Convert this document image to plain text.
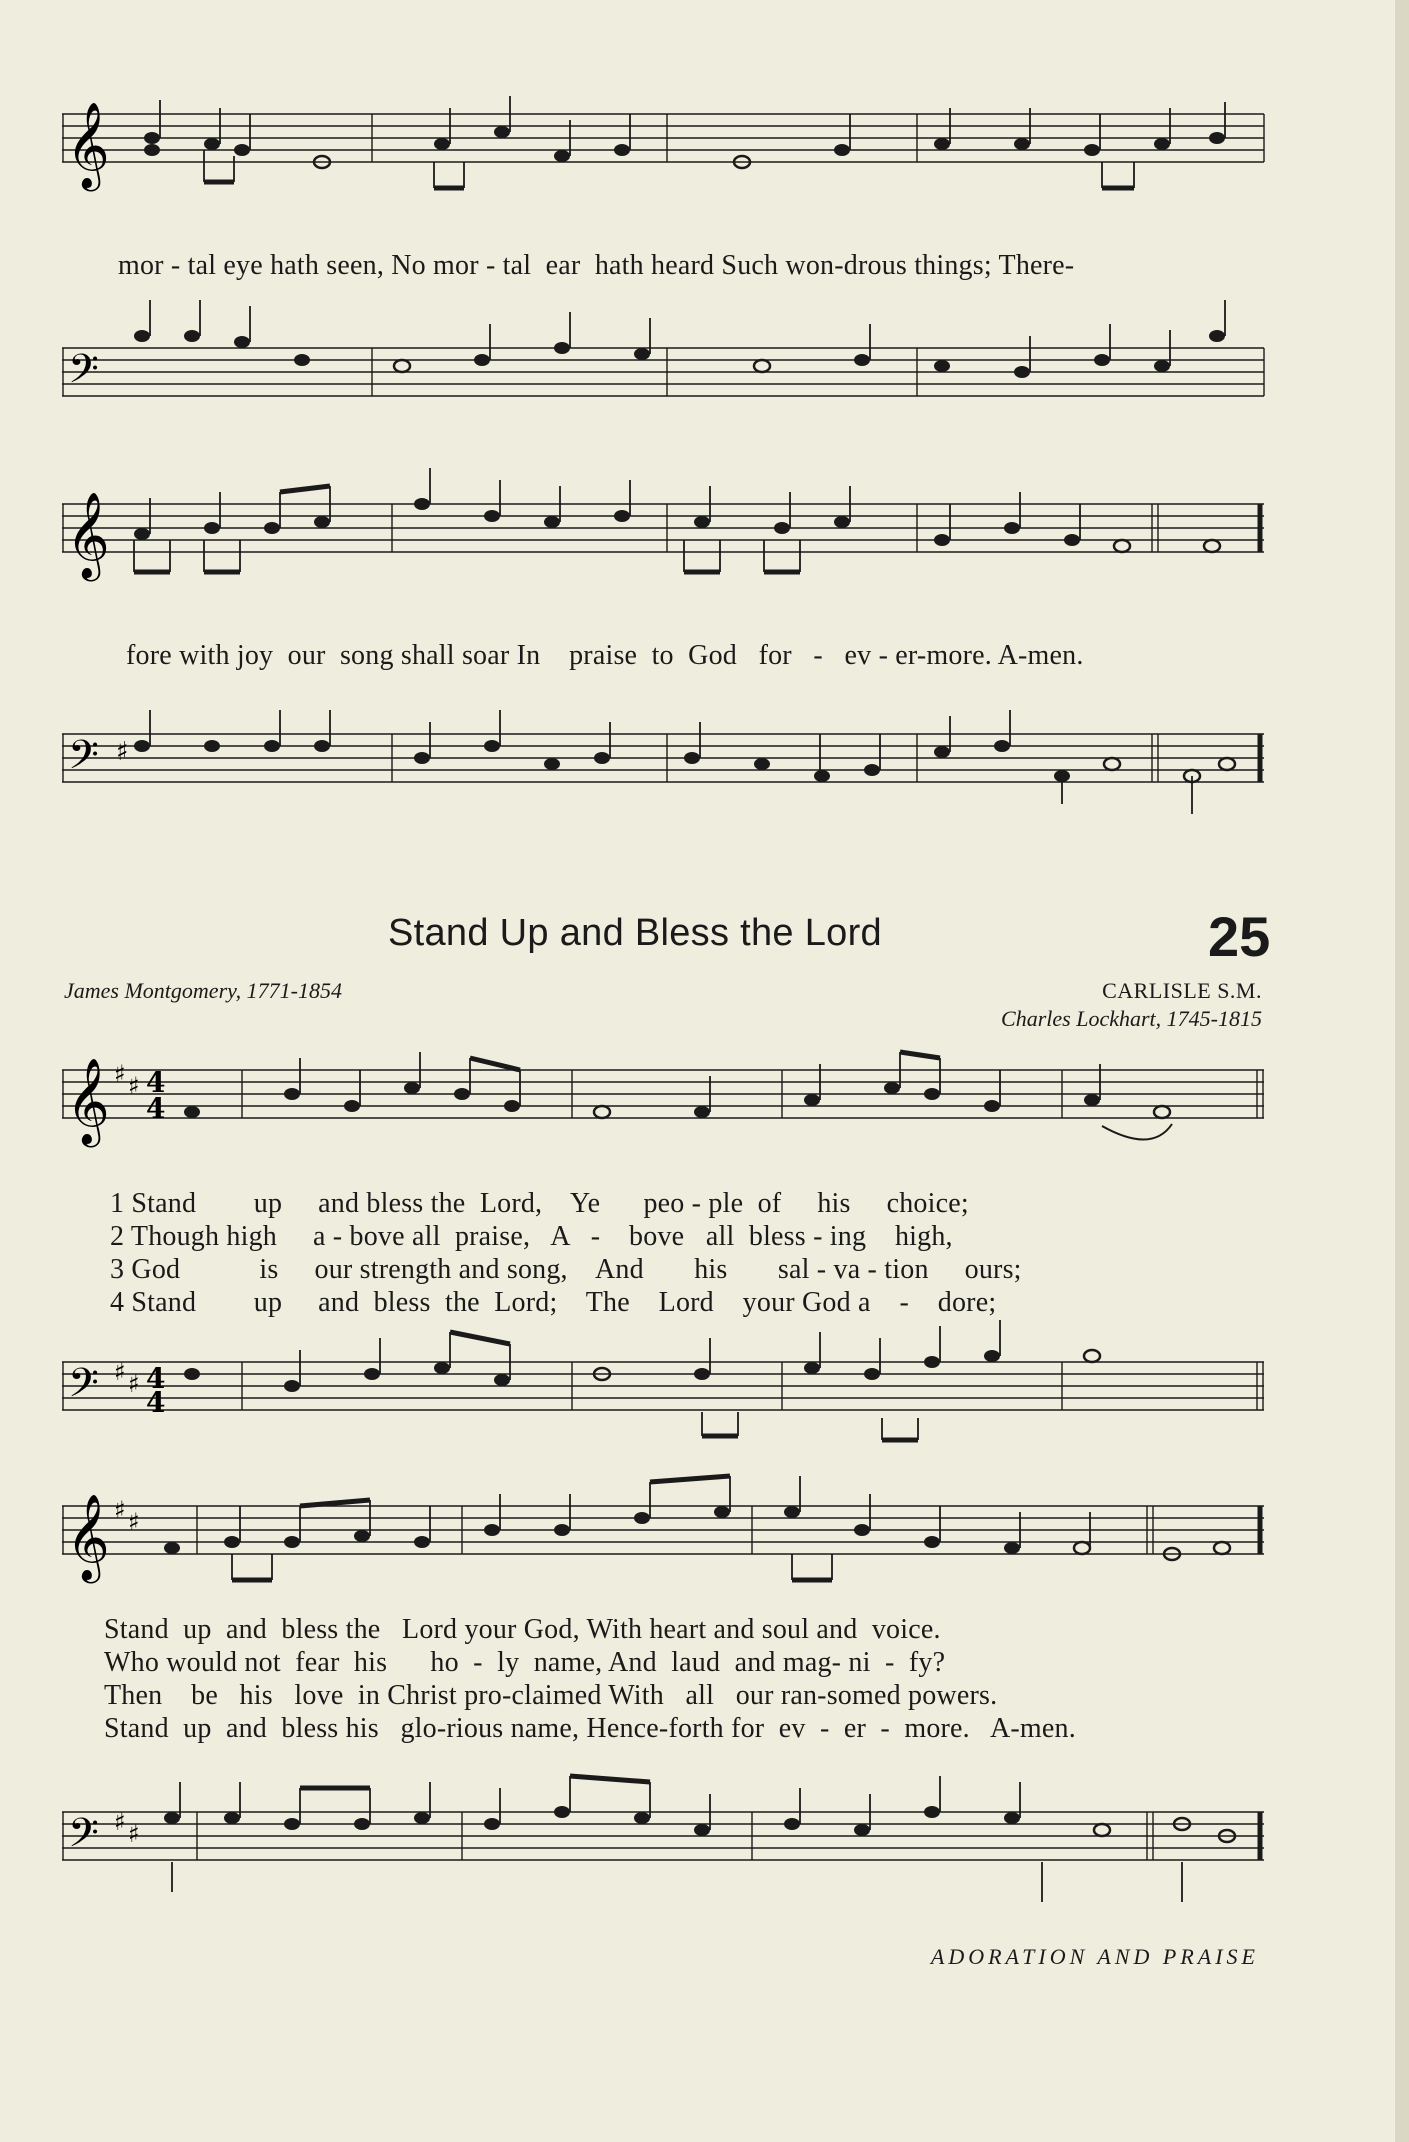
𝄞
mor - tal eye hath seen, No mor - tal  ear  hath heard Such won-drous things; There-
𝄢
𝄞
fore with joy  our  song shall soar In    praise  to  God   for   -   ev - er-more. A-men.
𝄢 ♯
Stand Up and Bless the Lord	25
James Montgomery, 1771-1854	CARLISLE S.M.
Charles Lockhart, 1745-1815
𝄞 ♯ ♯ 4
4
1 Stand        up     and bless the  Lord,    Ye      peo - ple  of     his     choice;
2 Though high     a - bove all  praise,   A   -    bove   all  bless - ing    high,
3 God           is     our strength and song,    And       his       sal - va - tion     ours;
4 Stand        up     and  bless  the  Lord;    The    Lord    your God a    -    dore;
𝄢 ♯ ♯ 4
4
𝄞 ♯ ♯
Stand  up  and  bless the   Lord your God, With heart and soul and  voice.
Who would not  fear  his      ho  -  ly  name, And  laud  and mag- ni  -  fy?
Then    be   his   love  in Christ pro-claimed With   all   our ran-somed powers.
Stand  up  and  bless his   glo-rious name, Hence-forth for  ev  -  er  -  more.   A-men.
𝄢 ♯ ♯
ADORATION AND PRAISE
